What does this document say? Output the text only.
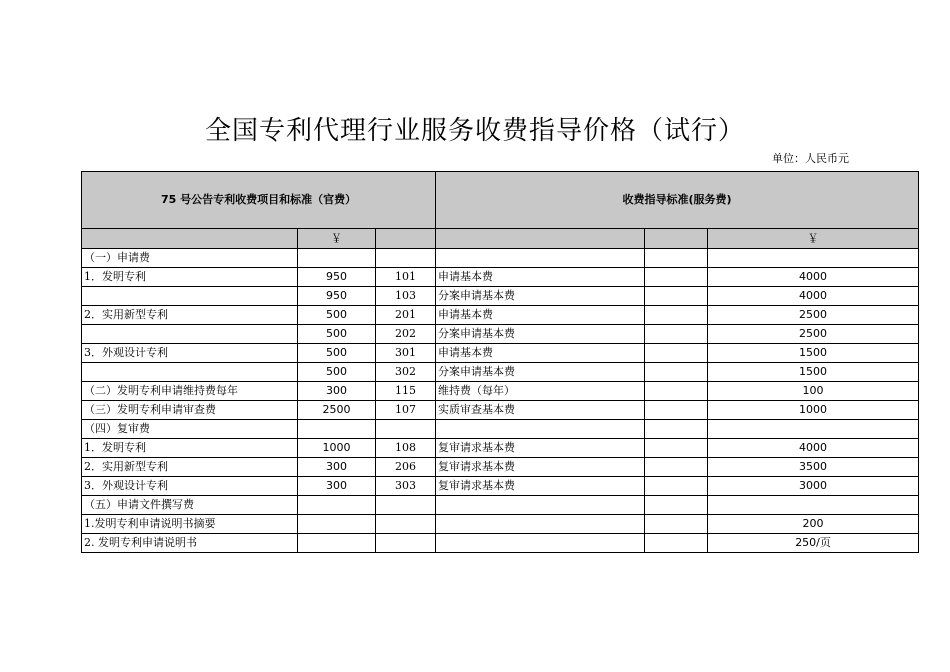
全国专利代理行业服务收费指导价格（试行）
单位：人民币元
75 号公告专利收费项目和标准（官费）			收费指导标准(服务费)		
	￥				￥
（一）申请费					
1．发明专利	950	101	申请基本费		4000
	950	103	分案申请基本费		4000
2．实用新型专利	500	201	申请基本费		2500
	500	202	分案申请基本费		2500
3．外观设计专利	500	301	申请基本费		1500
	500	302	分案申请基本费		1500
（二）发明专利申请维持费每年	300	115	维持费（每年）		100
（三）发明专利申请审查费	2500	107	实质审查基本费		1000
（四）复审费					
1．发明专利	1000	108	复审请求基本费		4000
2．实用新型专利	300	206	复审请求基本费		3500
3．外观设计专利	300	303	复审请求基本费		3000
（五）申请文件撰写费					
1.发明专利申请说明书摘要					200
2. 发明专利申请说明书					250/页
